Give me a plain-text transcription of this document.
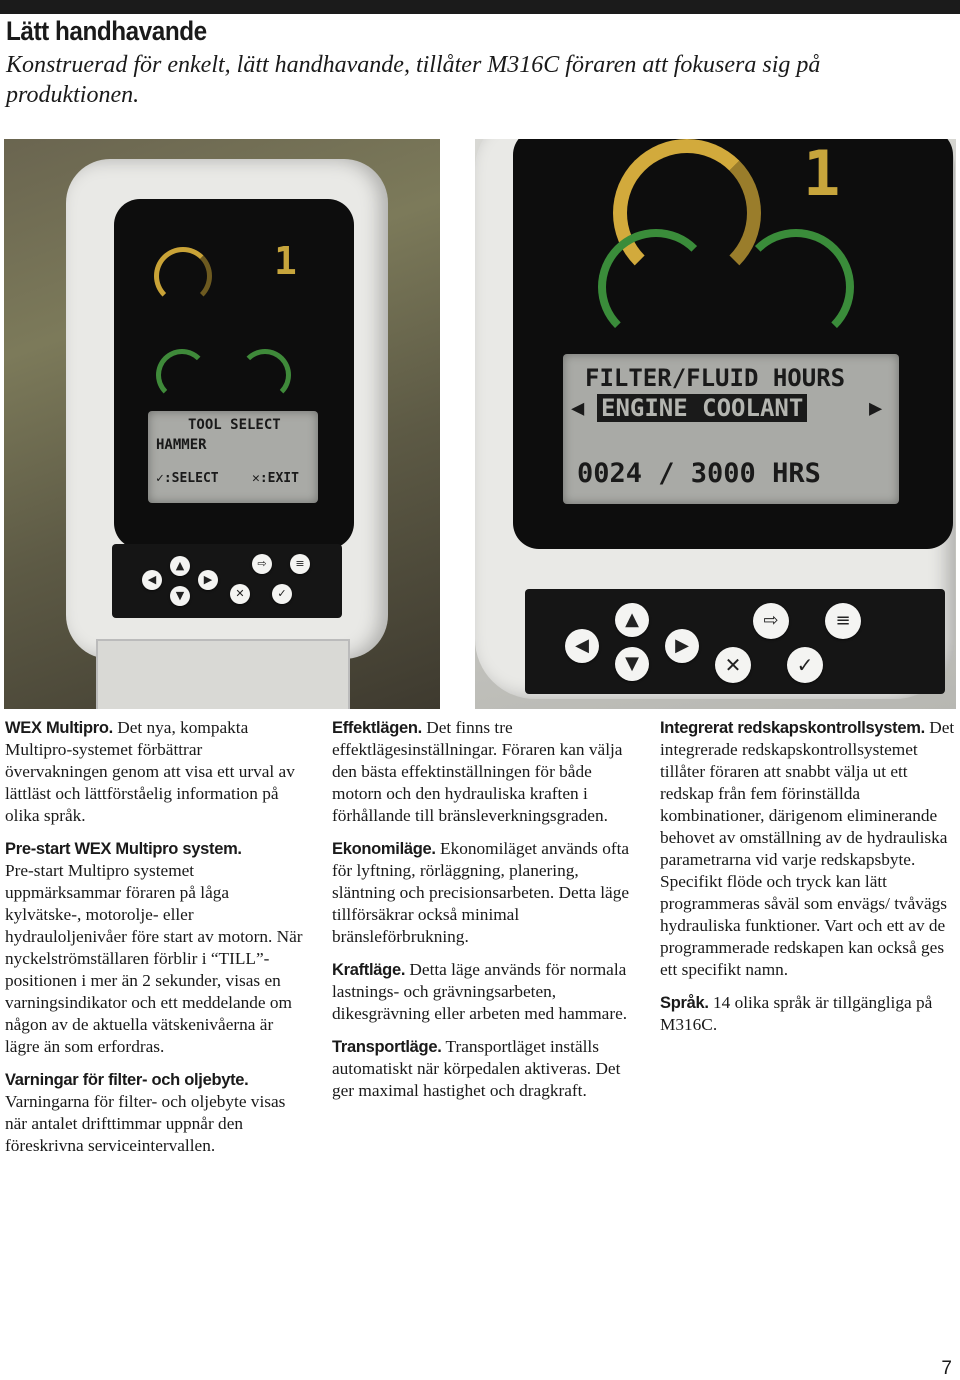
Lätt handhavande
Konstruerad för enkelt, lätt handhavande, tillåter M316C föraren att fokusera sig på produktionen.
1
TOOL SELECT
HAMMER
✓:SELECT	✕:EXIT
◀
▲
▼
▶
⇨	≡
✕	✓
1
FILTER/FLUID HOURS
◀ ENGINE COOLANT	▶
0024 / 3000 HRS
◀
▲
▼
▶
⇨	≡
✕	✓

WEX Multipro. Det nya, kompakta Multipro-systemet förbättrar övervakningen genom att visa ett urval av lättläst och lättförståelig information på olika språk.

Pre-start WEX Multipro system.
Pre-start Multipro systemet uppmärksammar föraren på låga kylvätske-, motorolje- eller hydrauloljenivåer före start av motorn. När nyckelströmställaren förblir i “TILL”-positionen i mer än 2 sekunder, visas en varningsindikator och ett meddelande om någon av de aktuella vätskenivåerna är lägre än som erfordras.

Varningar för filter- och oljebyte.
Varningarna för filter- och oljebyte visas när antalet drifttimmar uppnår den föreskrivna serviceintervallen.

Effektlägen. Det finns tre effektlägesinställningar. Föraren kan välja den bästa effektinställningen för både motorn och den hydrauliska kraften i förhållande till bränsleverkningsgraden.

Ekonomiläge. Ekonomiläget används ofta för lyftning, rörläggning, planering, släntning och precisionsarbeten. Detta läge tillförsäkrar också minimal bränsleförbrukning.

Kraftläge. Detta läge används för normala lastnings- och grävningsarbeten, dikesgrävning eller arbeten med hammare.

Transportläge. Transportläget inställs automatiskt när körpedalen aktiveras. Det ger maximal hastighet och dragkraft.

Integrerat redskapskontrollsystem. Det integrerade redskapskontrollsystemet tillåter föraren att snabbt välja ut ett redskap från fem förinställda kombinationer, därigenom eliminerande behovet av omställning av de hydrauliska parametrarna vid varje redskapsbyte. Specifikt flöde och tryck kan lätt programmeras såväl som envägs/ tvåvägs hydrauliska funktioner. Vart och ett av de programmerade redskapen kan också ges ett specifikt namn.

Språk. 14 olika språk är tillgängliga på M316C.

7
